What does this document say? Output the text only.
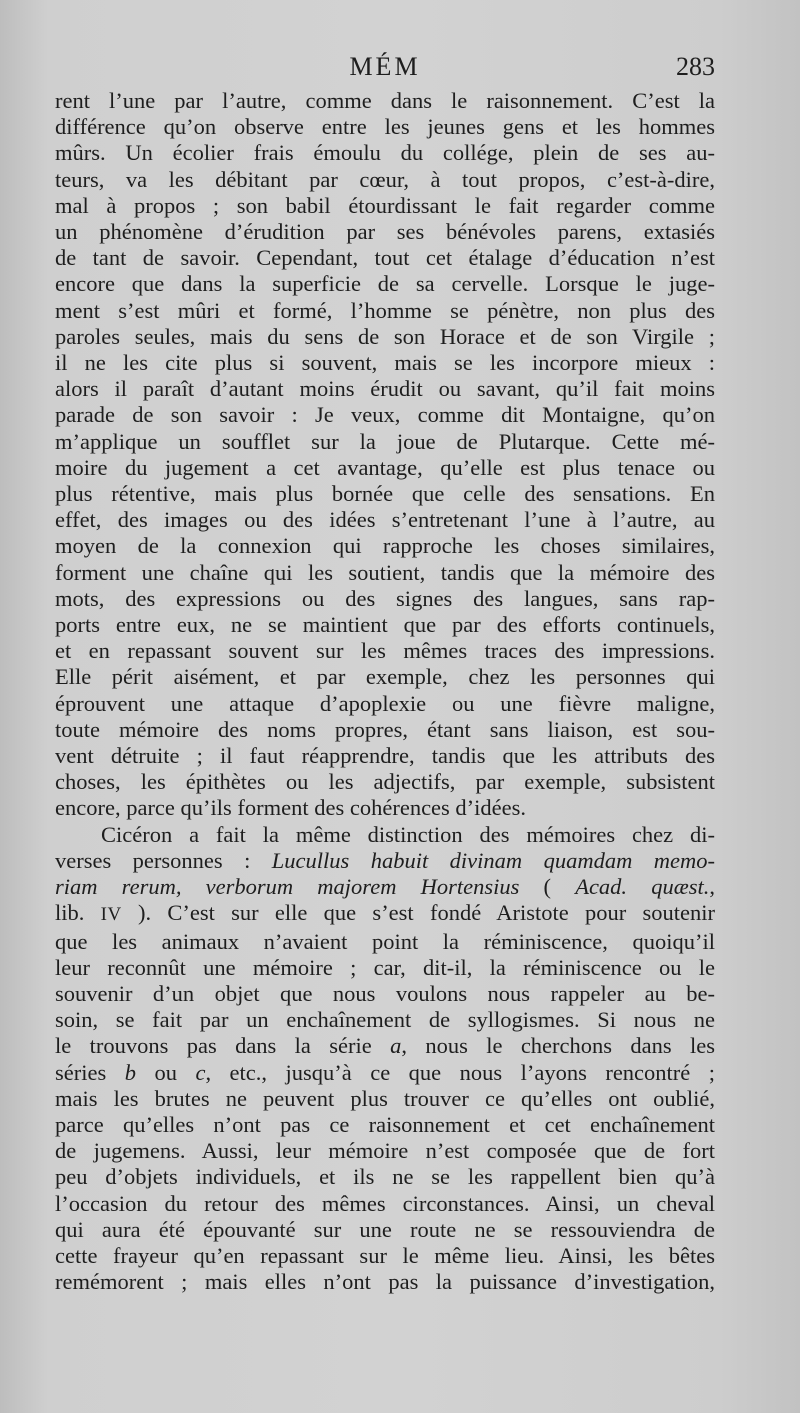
MÉM	283
rent l’une par l’autre, comme dans le raisonnement. C’est la
différence qu’on observe entre les jeunes gens et les hommes
mûrs. Un écolier frais émoulu du collége, plein de ses au-
teurs, va les débitant par cœur, à tout propos, c’est-à-dire,
mal à propos ; son babil étourdissant le fait regarder comme
un phénomène d’érudition par ses bénévoles parens, extasiés
de tant de savoir. Cependant, tout cet étalage d’éducation n’est
encore que dans la superficie de sa cervelle. Lorsque le juge-
ment s’est mûri et formé, l’homme se pénètre, non plus des
paroles seules, mais du sens de son Horace et de son Virgile ;
il ne les cite plus si souvent, mais se les incorpore mieux :
alors il paraît d’autant moins érudit ou savant, qu’il fait moins
parade de son savoir : Je veux, comme dit Montaigne, qu’on
m’applique un soufflet sur la joue de Plutarque. Cette mé-
moire du jugement a cet avantage, qu’elle est plus tenace ou
plus rétentive, mais plus bornée que celle des sensations. En
effet, des images ou des idées s’entretenant l’une à l’autre, au
moyen de la connexion qui rapproche les choses similaires,
forment une chaîne qui les soutient, tandis que la mémoire des
mots, des expressions ou des signes des langues, sans rap-
ports entre eux, ne se maintient que par des efforts continuels,
et en repassant souvent sur les mêmes traces des impressions.
Elle périt aisément, et par exemple, chez les personnes qui
éprouvent une attaque d’apoplexie ou une fièvre maligne,
toute mémoire des noms propres, étant sans liaison, est sou-
vent détruite ; il faut réapprendre, tandis que les attributs des
choses, les épithètes ou les adjectifs, par exemple, subsistent
encore, parce qu’ils forment des cohérences d’idées.
Cicéron a fait la même distinction des mémoires chez di-
verses personnes : Lucullus habuit divinam quamdam memo-
riam rerum, verborum majorem Hortensius ( Acad. quæst.,
lib. IV ). C’est sur elle que s’est fondé Aristote pour soutenir
que les animaux n’avaient point la réminiscence, quoiqu’il
leur reconnût une mémoire ; car, dit-il, la réminiscence ou le
souvenir d’un objet que nous voulons nous rappeler au be-
soin, se fait par un enchaînement de syllogismes. Si nous ne
le trouvons pas dans la série a, nous le cherchons dans les
séries b ou c, etc., jusqu’à ce que nous l’ayons rencontré ;
mais les brutes ne peuvent plus trouver ce qu’elles ont oublié,
parce qu’elles n’ont pas ce raisonnement et cet enchaînement
de jugemens. Aussi, leur mémoire n’est composée que de fort
peu d’objets individuels, et ils ne se les rappellent bien qu’à
l’occasion du retour des mêmes circonstances. Ainsi, un cheval
qui aura été épouvanté sur une route ne se ressouviendra de
cette frayeur qu’en repassant sur le même lieu. Ainsi, les bêtes
remémorent ; mais elles n’ont pas la puissance d’investigation,
